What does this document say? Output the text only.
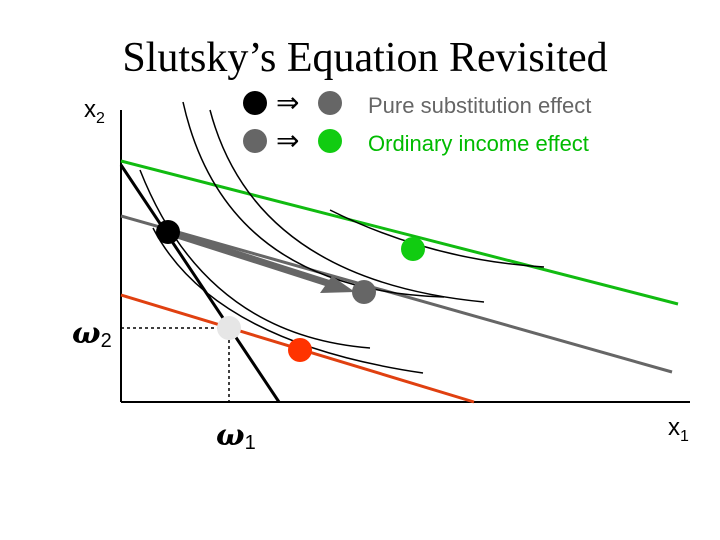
Slutsky’s Equation Revisited
⇒
⇒
Pure substitution effect
Ordinary income effect
$x_2$
$x_1$
ω2
ω1
